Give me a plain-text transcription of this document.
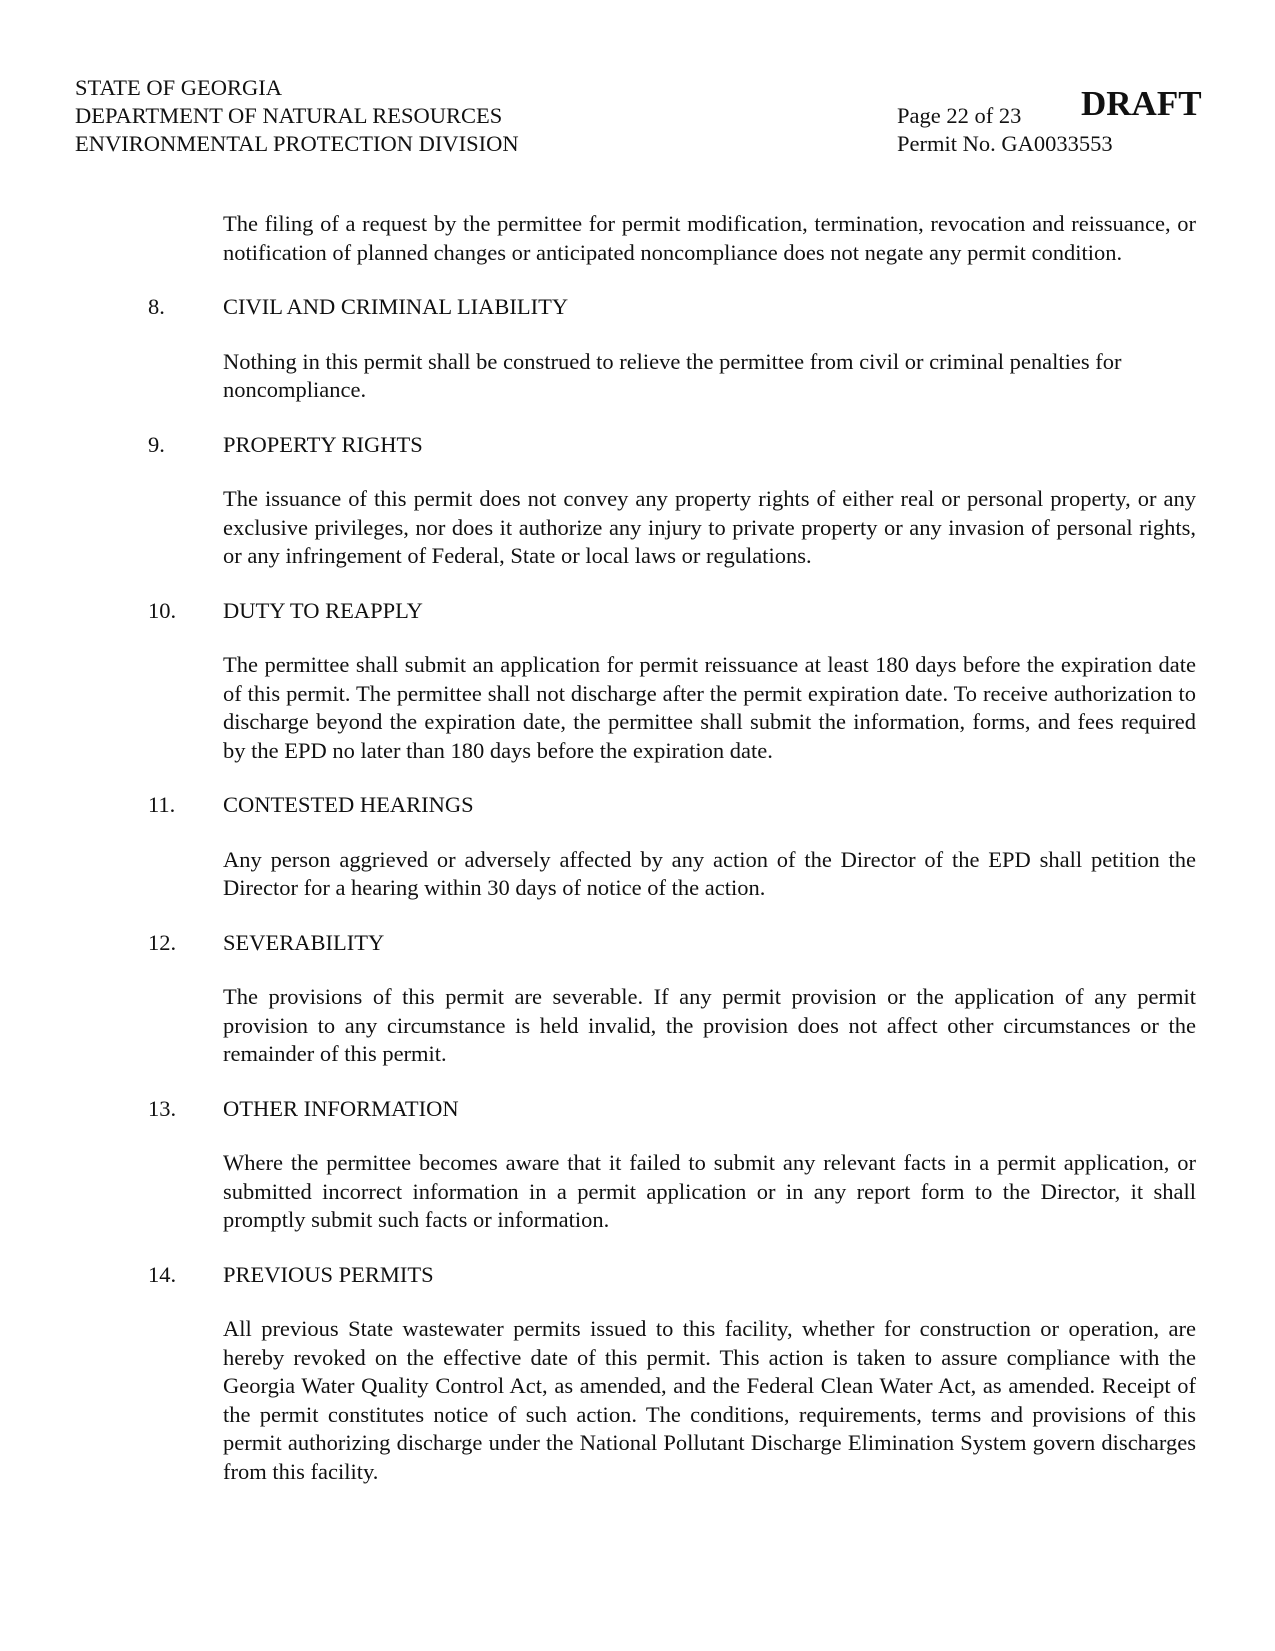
STATE OF GEORGIA
DEPARTMENT OF NATURAL RESOURCES
ENVIRONMENTAL PROTECTION DIVISION
Page 22 of 23
Permit No. GA0033553
DRAFT

The filing of a request by the permittee for permit modification, termination, revocation and reissuance, or notification of planned changes or anticipated noncompliance does not negate any permit condition.

8.	CIVIL AND CRIMINAL LIABILITY

Nothing in this permit shall be construed to relieve the permittee from civil or criminal penalties for noncompliance.

9.	PROPERTY RIGHTS

The issuance of this permit does not convey any property rights of either real or personal property, or any exclusive privileges, nor does it authorize any injury to private property or any invasion of personal rights, or any infringement of Federal, State or local laws or regulations.

10.	DUTY TO REAPPLY

The permittee shall submit an application for permit reissuance at least 180 days before the expiration date of this permit. The permittee shall not discharge after the permit expiration date. To receive authorization to discharge beyond the expiration date, the permittee shall submit the information, forms, and fees required by the EPD no later than 180 days before the expiration date.

11.	CONTESTED HEARINGS

Any person aggrieved or adversely affected by any action of the Director of the EPD shall petition the Director for a hearing within 30 days of notice of the action.

12.	SEVERABILITY

The provisions of this permit are severable. If any permit provision or the application of any permit provision to any circumstance is held invalid, the provision does not affect other circumstances or the remainder of this permit.

13.	OTHER INFORMATION

Where the permittee becomes aware that it failed to submit any relevant facts in a permit application, or submitted incorrect information in a permit application or in any report form to the Director, it shall promptly submit such facts or information.

14.	PREVIOUS PERMITS

All previous State wastewater permits issued to this facility, whether for construction or operation, are hereby revoked on the effective date of this permit. This action is taken to assure compliance with the Georgia Water Quality Control Act, as amended, and the Federal Clean Water Act, as amended. Receipt of the permit constitutes notice of such action. The conditions, requirements, terms and provisions of this permit authorizing discharge under the National Pollutant Discharge Elimination System govern discharges from this facility.
